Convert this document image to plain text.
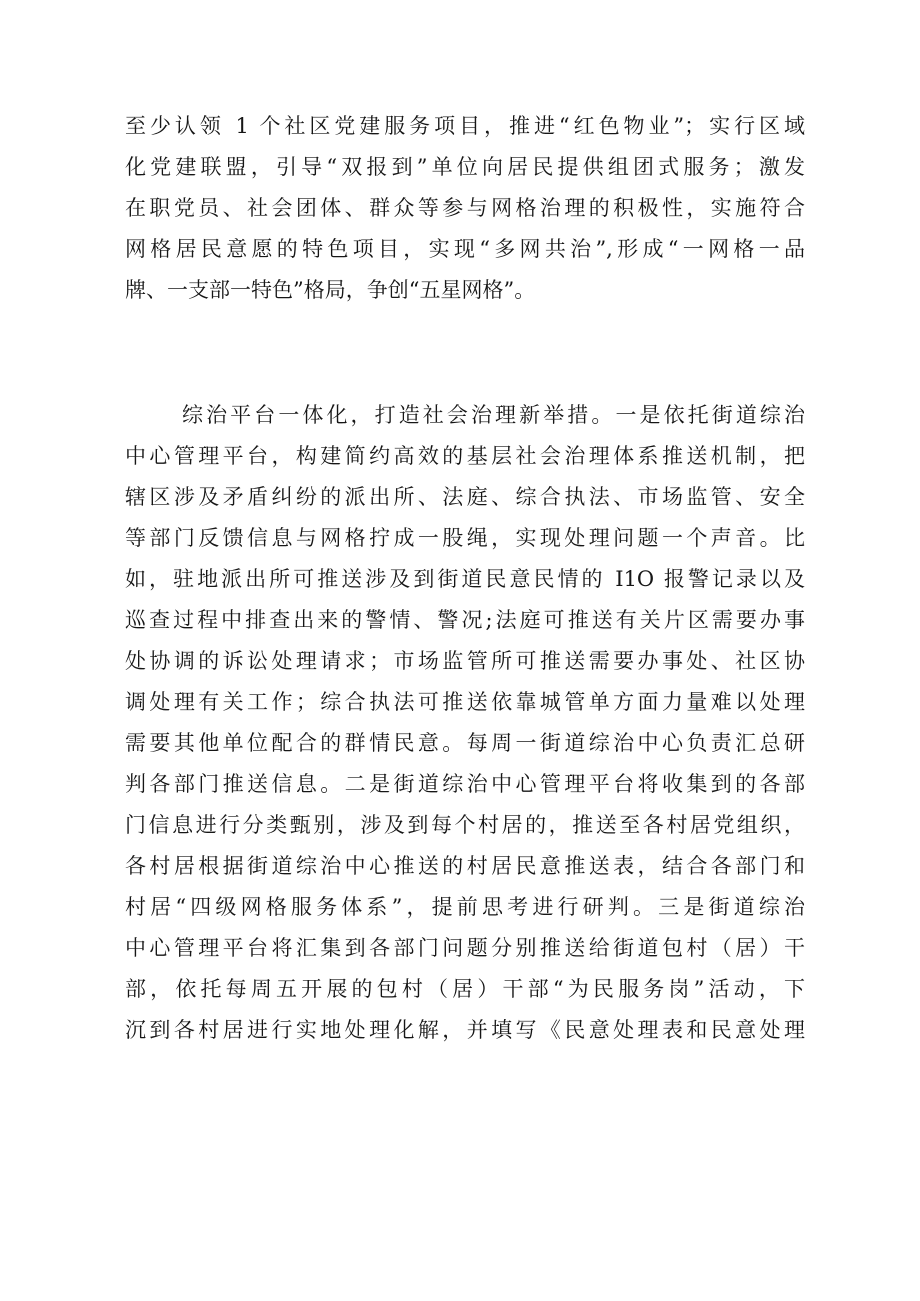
至少认领 1 个社区党建服务项目，推进“红色物业”；实行区域
化党建联盟，引导“双报到”单位向居民提供组团式服务；激发
在职党员、社会团体、群众等参与网格治理的积极性，实施符合
网格居民意愿的特色项目，实现“多网共治”,形成“一网格一品
牌、一支部一特色”格局，争创“五星网格”。
综治平台一体化，打造社会治理新举措。一是依托街道综治
中心管理平台，构建简约高效的基层社会治理体系推送机制，把
辖区涉及矛盾纠纷的派出所、法庭、综合执法、市场监管、安全
等部门反馈信息与网格拧成一股绳，实现处理问题一个声音。比
如，驻地派出所可推送涉及到街道民意民情的 I1O 报警记录以及
巡查过程中排查出来的警情、警况;法庭可推送有关片区需要办事
处协调的诉讼处理请求；市场监管所可推送需要办事处、社区协
调处理有关工作；综合执法可推送依靠城管单方面力量难以处理
需要其他单位配合的群情民意。每周一街道综治中心负责汇总研
判各部门推送信息。二是街道综治中心管理平台将收集到的各部
门信息进行分类甄别，涉及到每个村居的，推送至各村居党组织，
各村居根据街道综治中心推送的村居民意推送表，结合各部门和
村居“四级网格服务体系”，提前思考进行研判。三是街道综治
中心管理平台将汇集到各部门问题分别推送给街道包村（居）干
部，依托每周五开展的包村（居）干部“为民服务岗”活动，下
沉到各村居进行实地处理化解，并填写《民意处理表和民意处理
